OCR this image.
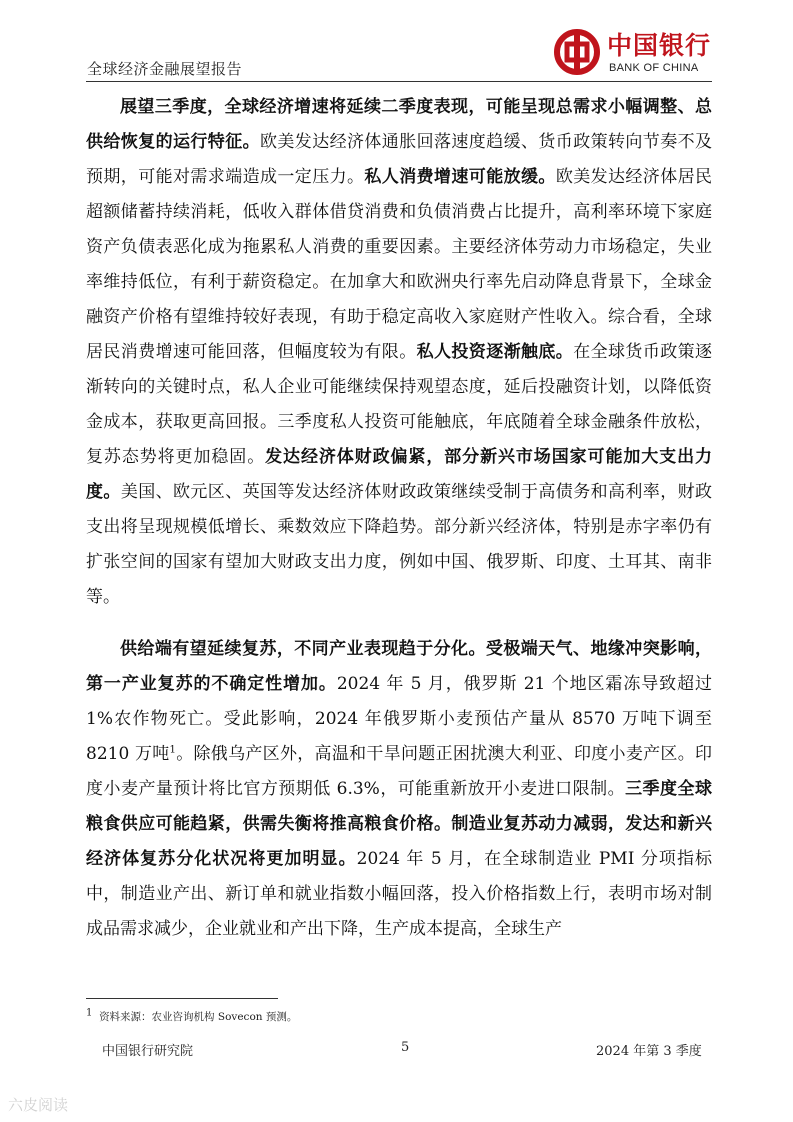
全球经济金融展望报告
中国银行
BANK OF CHINA

展望三季度，全球经济增速将延续二季度表现，可能呈现总需求小幅调整、总供给恢复的运行特征。欧美发达经济体通胀回落速度趋缓、货币政策转向节奏不及预期，可能对需求端造成一定压力。私人消费增速可能放缓。欧美发达经济体居民超额储蓄持续消耗，低收入群体借贷消费和负债消费占比提升，高利率环境下家庭资产负债表恶化成为拖累私人消费的重要因素。主要经济体劳动力市场稳定，失业率维持低位，有利于薪资稳定。在加拿大和欧洲央行率先启动降息背景下，全球金融资产价格有望维持较好表现，有助于稳定高收入家庭财产性收入。综合看，全球居民消费增速可能回落，但幅度较为有限。私人投资逐渐触底。在全球货币政策逐渐转向的关键时点，私人企业可能继续保持观望态度，延后投融资计划，以降低资金成本，获取更高回报。三季度私人投资可能触底，年底随着全球金融条件放松，复苏态势将更加稳固。发达经济体财政偏紧，部分新兴市场国家可能加大支出力度。美国、欧元区、英国等发达经济体财政政策继续受制于高债务和高利率，财政支出将呈现规模低增长、乘数效应下降趋势。部分新兴经济体，特别是赤字率仍有扩张空间的国家有望加大财政支出力度，例如中国、俄罗斯、印度、土耳其、南非等。

供给端有望延续复苏，不同产业表现趋于分化。受极端天气、地缘冲突影响，第一产业复苏的不确定性增加。2024 年 5 月，俄罗斯 21 个地区霜冻导致超过 1%农作物死亡。受此影响，2024 年俄罗斯小麦预估产量从 8570 万吨下调至 8210 万吨$^1$。除俄乌产区外，高温和干旱问题正困扰澳大利亚、印度小麦产区。印度小麦产量预计将比官方预期低 6.3%，可能重新放开小麦进口限制。三季度全球粮食供应可能趋紧，供需失衡将推高粮食价格。制造业复苏动力减弱，发达和新兴经济体复苏分化状况将更加明显。2024 年 5 月，在全球制造业 PMI 分项指标中，制造业产出、新订单和就业指数小幅回落，投入价格指数上行，表明市场对制成品需求减少，企业就业和产出下降，生产成本提高，全球生产

$^1$ 资料来源：农业咨询机构 Sovecon 预测。
中国银行研究院	5	2024 年第 3 季度
六皮阅读
